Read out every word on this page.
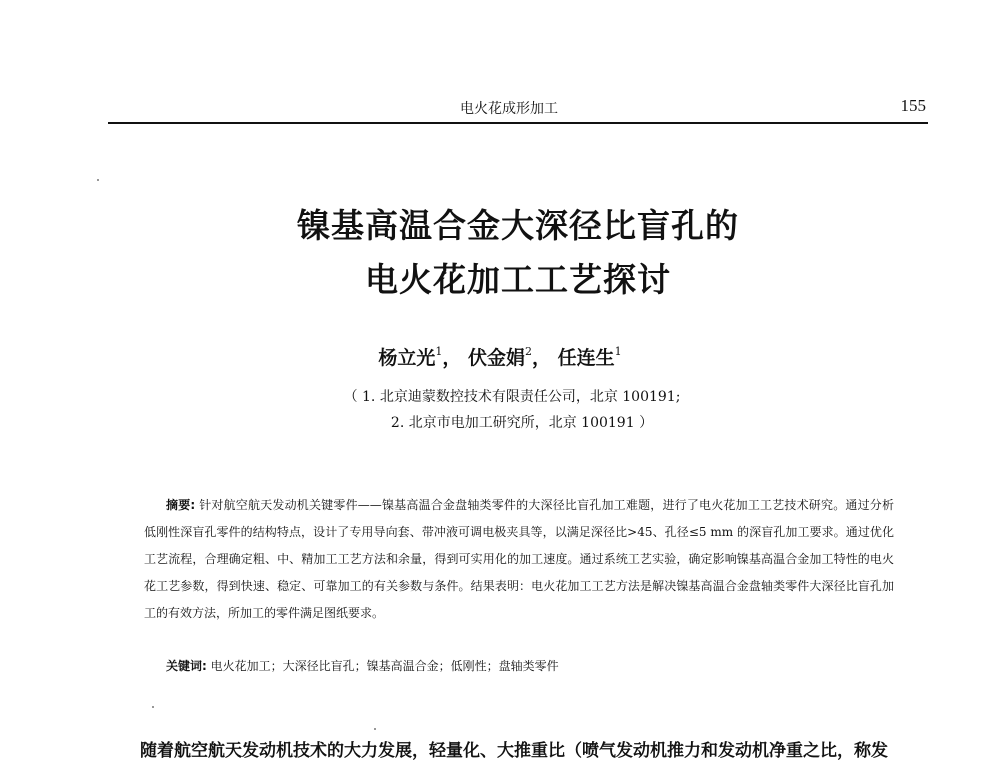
电火花成形加工	155
镍基高温合金大深径比盲孔的
电火花加工工艺探讨
杨立光$^1$， 伏金娟$^2$， 任连生$^1$
（ 1. 北京迪蒙数控技术有限责任公司，北京 100191;
2. 北京市电加工研究所，北京 100191 ）
摘要: 针对航空航天发动机关键零件——镍基高温合金盘轴类零件的大深径比盲孔加工难题，进行了电火花加工工艺技术研究。通过分析低刚性深盲孔零件的结构特点，设计了专用导向套、带冲液可调电极夹具等，以满足深径比>45、孔径≤5 mm 的深盲孔加工要求。通过优化工艺流程，合理确定粗、中、精加工工艺方法和余量，得到可实用化的加工速度。通过系统工艺实验，确定影响镍基高温合金加工特性的电火花工艺参数，得到快速、稳定、可靠加工的有关参数与条件。结果表明：电火花加工工艺方法是解决镍基高温合金盘轴类零件大深径比盲孔加工的有效方法，所加工的零件满足图纸要求。
关键词: 电火花加工；大深径比盲孔；镍基高温合金；低刚性；盘轴类零件
随着航空航天发动机技术的大力发展，轻量化、大推重比（喷气发动机推力和发动机净重之比，称发
